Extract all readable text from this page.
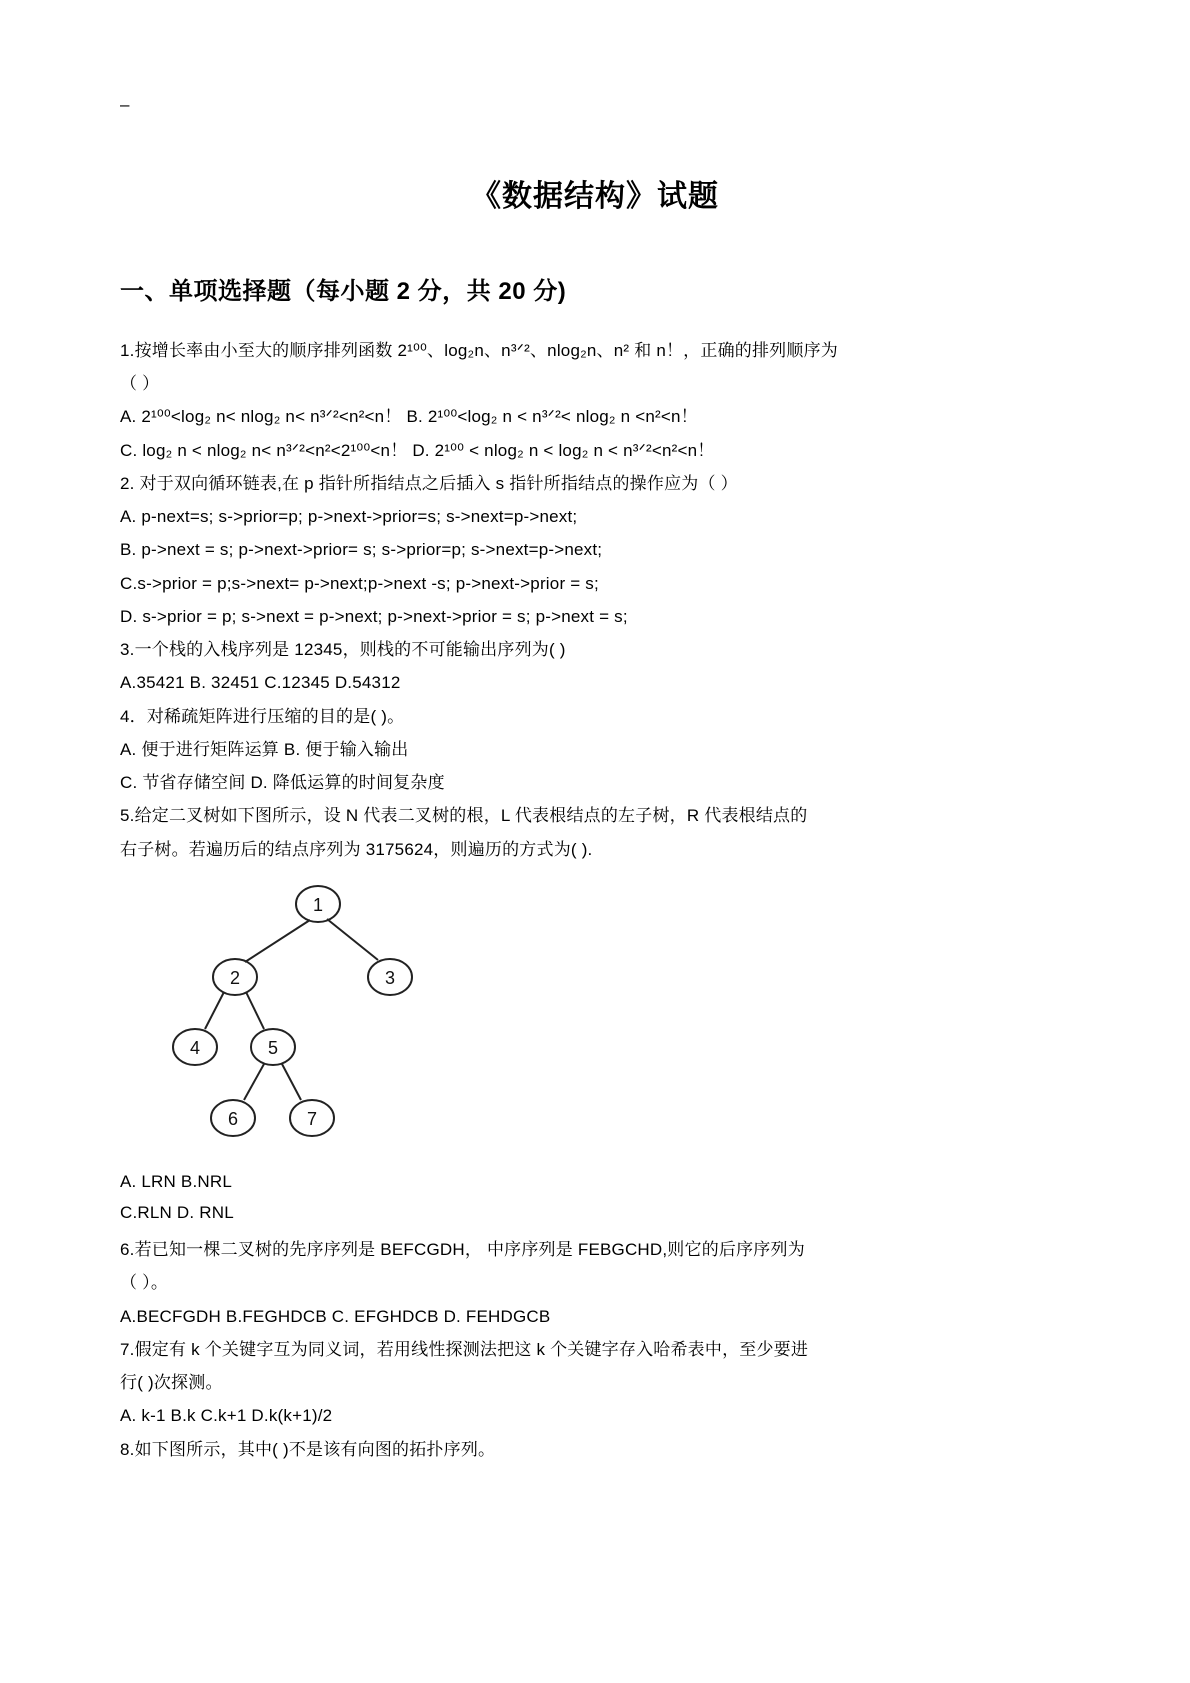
–
《数据结构》试题
一、单项选择题（每小题 2 分，共 20 分)

1.按增长率由小至大的顺序排列函数 2¹⁰⁰、log₂n、n³ᐟ²、nlog₂n、n² 和 n！，正确的排列顺序为

（ ）

A. 2¹⁰⁰<log₂ n< nlog₂ n< n³ᐟ²<n²<n！ B. 2¹⁰⁰<log₂ n < n³ᐟ²< nlog₂ n <n²<n！

C. log₂ n < nlog₂ n< n³ᐟ²<n²<2¹⁰⁰<n！ D. 2¹⁰⁰ < nlog₂ n < log₂ n < n³ᐟ²<n²<n！

2. 对于双向循环链表,在 p 指针所指结点之后插入 s 指针所指结点的操作应为（ ）

A. p-next=s; s->prior=p; p->next->prior=s; s->next=p->next;

B. p->next = s; p->next->prior= s; s->prior=p; s->next=p->next;

C.s->prior = p;s->next= p->next;p->next -s; p->next->prior = s;

D. s->prior = p; s->next = p->next; p->next->prior = s; p->next = s;

3.一个栈的入栈序列是 12345，则栈的不可能输出序列为( )

A.35421 B. 32451 C.12345 D.54312

4．对稀疏矩阵进行压缩的目的是( )。

A. 便于进行矩阵运算 B. 便于输入输出

C. 节省存储空间 D. 降低运算的时间复杂度

5.给定二叉树如下图所示，设 N 代表二叉树的根，L 代表根结点的左子树，R 代表根结点的

右子树。若遍历后的结点序列为 3175624，则遍历的方式为( ).

1
2	3
4	5
6	7

A. LRN B.NRL

C.RLN D. RNL

6.若已知一棵二叉树的先序序列是 BEFCGDH， 中序序列是 FEBGCHD,则它的后序序列为

（ ）。

A.BECFGDH B.FEGHDCB C. EFGHDCB D. FEHDGCB

7.假定有 k 个关键字互为同义词，若用线性探测法把这 k 个关键字存入哈希表中，至少要进

行( )次探测。

A. k-1 B.k C.k+1 D.k(k+1)/2

8.如下图所示，其中( )不是该有向图的拓扑序列。
